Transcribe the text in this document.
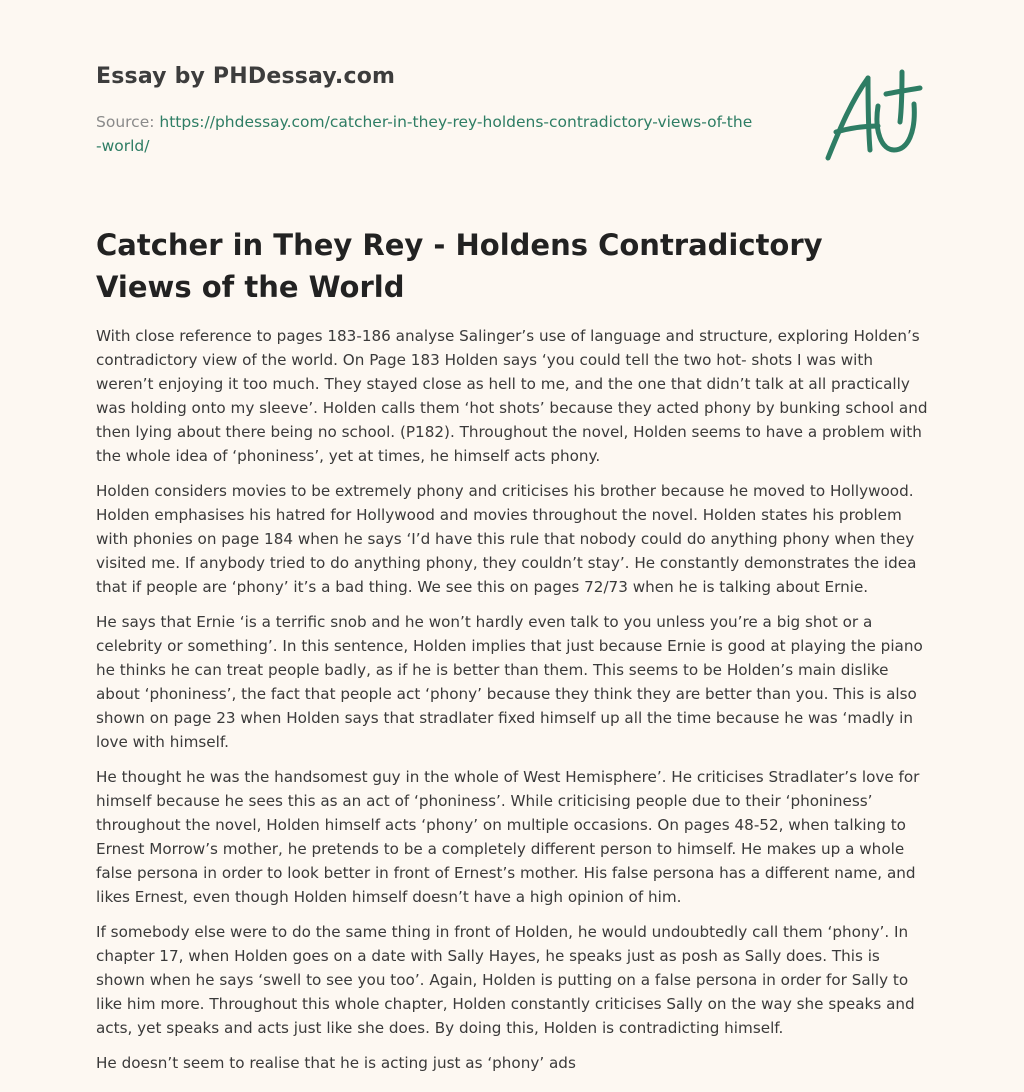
Essay by PHDessay.com
Source: https://phdessay.com/catcher-in-they-rey-holdens-contradictory-views-of-the-world/
Catcher in They Rey - Holdens Contradictory Views of the World

With close reference to pages 183-186 analyse Salinger’s use of language and structure, exploring Holden’s contradictory view of the world. On Page 183 Holden says ‘you could tell the two hot- shots I was with weren’t enjoying it too much. They stayed close as hell to me, and the one that didn’t talk at all practically was holding onto my sleeve’. Holden calls them ‘hot shots’ because they acted phony by bunking school and then lying about there being no school. (P182). Throughout the novel, Holden seems to have a problem with the whole idea of ‘phoniness’, yet at times, he himself acts phony.

Holden considers movies to be extremely phony and criticises his brother because he moved to Hollywood. Holden emphasises his hatred for Hollywood and movies throughout the novel. Holden states his problem with phonies on page 184 when he says ‘I’d have this rule that nobody could do anything phony when they visited me. If anybody tried to do anything phony, they couldn’t stay’. He constantly demonstrates the idea that if people are ‘phony’ it’s a bad thing. We see this on pages 72/73 when he is talking about Ernie.

He says that Ernie ‘is a terrific snob and he won’t hardly even talk to you unless you’re a big shot or a celebrity or something’. In this sentence, Holden implies that just because Ernie is good at playing the piano he thinks he can treat people badly, as if he is better than them. This seems to be Holden’s main dislike about ‘phoniness’, the fact that people act ‘phony’ because they think they are better than you. This is also shown on page 23 when Holden says that stradlater fixed himself up all the time because he was ‘madly in love with himself.

He thought he was the handsomest guy in the whole of West Hemisphere’. He criticises Stradlater’s love for himself because he sees this as an act of ‘phoniness’. While criticising people due to their ‘phoniness’ throughout the novel, Holden himself acts ‘phony’ on multiple occasions. On pages 48-52, when talking to Ernest Morrow’s mother, he pretends to be a completely different person to himself. He makes up a whole false persona in order to look better in front of Ernest’s mother. His false persona has a different name, and likes Ernest, even though Holden himself doesn’t have a high opinion of him.

If somebody else were to do the same thing in front of Holden, he would undoubtedly call them ‘phony’. In chapter 17, when Holden goes on a date with Sally Hayes, he speaks just as posh as Sally does. This is shown when he says ‘swell to see you too’. Again, Holden is putting on a false persona in order for Sally to like him more. Throughout this whole chapter, Holden constantly criticises Sally on the way she speaks and acts, yet speaks and acts just like she does. By doing this, Holden is contradicting himself.

He doesn’t seem to realise that he is acting just as ‘phony’ ads
